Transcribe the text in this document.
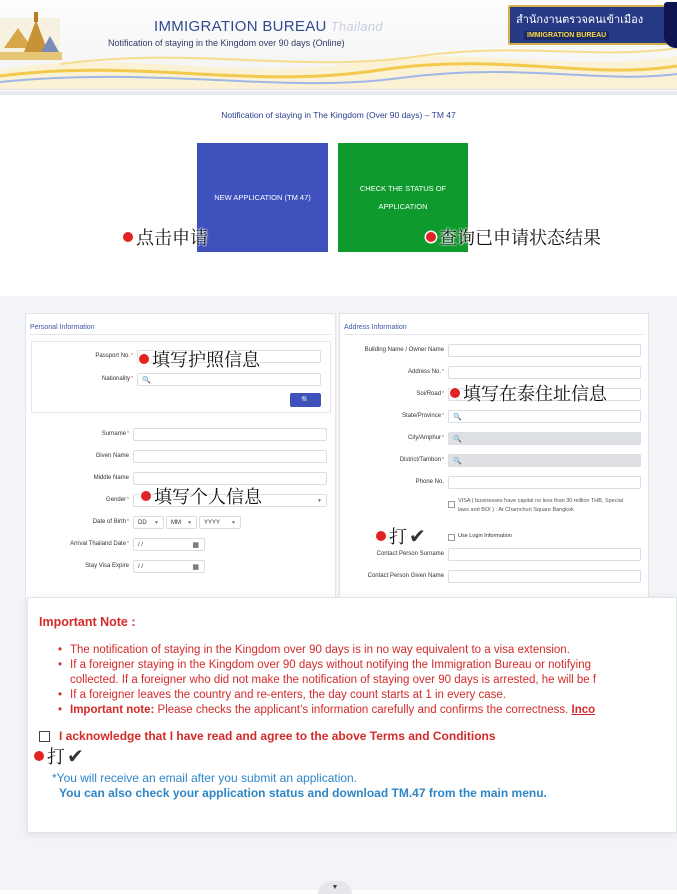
IMMIGRATION BUREAU Thailand
Notification of staying in the Kingdom over 90 days (Online)
สำนักงานตรวจคนเข้าเมือง
IMMIGRATION BUREAU
Notification of staying in The Kingdom (Over 90 days) – TM 47
NEW APPLICATION (TM 47)
CHECK THE STATUS OF
APPLICATION
点击申请	查询已申请状态结果
Personal Information
Passport No.*
Nationality* 🔍
🔍
Surname*
Given Name
Middle Name
Gender*	▼
Date of Birth* DD ▼ MM ▼ YYYY ▼
Arrival Thailand Date* / /	▦
Stay Visa Expire / /	▦
Address Information
Building Name / Owner Name
Address No.*
Soi/Road*
State/Province* 🔍
City/Amphur* 🔍
District/Tambon* 🔍
Phone No.
VISA ( businesses have capital no less than 30 million THB, Special
laws and BOI ) : At Chamchuri Square Bangkok
Use Login Information
Contact Person Surname
Contact Person Given Name
填写护照信息
填写在泰住址信息
填写个人信息
打 ✔
Important Note :
• The notification of staying in the Kingdom over 90 days is in no way equivalent to a visa extension.
• If a foreigner staying in the Kingdom over 90 days without notifying the Immigration Bureau or notifying
collected. If a foreigner who did not make the notification of staying over 90 days is arrested, he will be f
• If a foreigner leaves the country and re-enters, the day count starts at 1 in every case.
• Important note: Please checks the applicant’s information carefully and confirms the correctness. Inco
I acknowledge that I have read and agree to the above Terms and Conditions
打 ✔
*You will receive an email after you submit an application.
You can also check your application status and download TM.47 from the main menu.
▼
